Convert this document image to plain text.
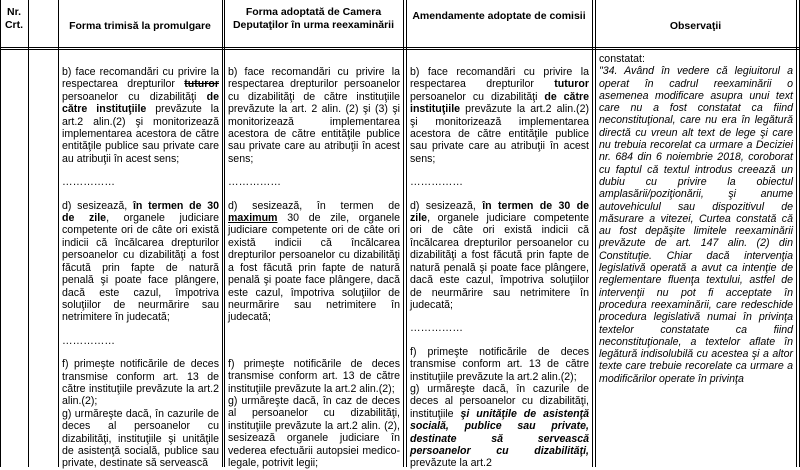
Nr.
Crt.	Forma trimisă la promulgare
Forma adoptată de Camera
Deputaţilor în urma reexaminării
Amendamente adoptate de comisii
Observaţii

b) face recomandări cu privire la respectarea drepturilor tuturor persoanelor cu dizabilităţi de către instituţiile prevăzute la art.2 alin.(2) şi monitorizează implementarea acestora de către entităţile publice sau private care au atribuţii în acest sens;

……………

d) sesizează, în termen de 30 de zile, organele judiciare competente ori de câte ori există indicii că încălcarea drepturilor persoanelor cu dizabilităţi a fost făcută prin fapte de natură penală şi poate face plângere, dacă este cazul, împotriva soluţiilor de neurmărire sau netrimitere în judecată;

……………

f) primeşte notificările de deces transmise conform art. 13 de către instituţiile prevăzute la art.2 alin.(2);

g) urmăreşte dacă, în cazurile de deces al persoanelor cu dizabilităţi, instituţiile şi unităţile de asistenţă socială, publice sau private, destinate să servească

b) face recomandări cu privire la respectarea drepturilor persoanelor cu dizabilităţi de către instituţiile prevăzute la art. 2 alin. (2) şi (3) şi monitorizează implementarea acestora de către entităţile publice sau private care au atribuţii în acest sens;

……………

d) sesizează, în termen de maximum 30 de zile, organele judiciare competente ori de câte ori există indicii că încălcarea drepturilor persoanelor cu dizabilităţi a fost făcută prin fapte de natură penală şi poate face plângere, dacă este cazul, împotriva soluţiilor de neurmărire sau netrimitere în judecată;

f) primeşte notificările de deces transmise conform art. 13 de către instituţiile prevăzute la art.2 alin.(2);

g) urmăreşte dacă, în caz de deces al persoanelor cu dizabilităţi, instituţiile prevăzute la art.2 alin. (2), sesizează organele judiciare în vederea efectuării autopsiei medico-legale, potrivit legii;

b) face recomandări cu privire la respectarea drepturilor tuturor persoanelor cu dizabilităţi de către instituţiile prevăzute la art.2 alin.(2) şi monitorizează implementarea acestora de către entităţile publice sau private care au atribuţii în acest sens;

……………

d) sesizează, în termen de 30 de zile, organele judiciare competente ori de câte ori există indicii că încălcarea drepturilor persoanelor cu dizabilităţi a fost făcută prin fapte de natură penală şi poate face plângere, dacă este cazul, împotriva soluţiilor de neurmărire sau netrimitere în judecată;

……………

f) primeşte notificările de deces transmise conform art. 13 de către instituţiile prevăzute la art.2 alin.(2);

g) urmăreşte dacă, în cazurile de deces al persoanelor cu dizabilităţi, instituţiile şi unităţile de asistenţă socială, publice sau private, destinate să servească persoanelor cu dizabilităţi, prevăzute la art.2

constatat:

"34. Având în vedere că legiuitorul a operat în cadrul reexaminării o asemenea modificare asupra unui text care nu a fost constatat ca fiind neconstituţional, care nu era în legătură directă cu vreun alt text de lege şi care nu trebuia recorelat ca urmare a Deciziei nr. 684 din 6 noiembrie 2018, coroborat cu faptul că textul introdus creează un dubiu cu privire la obiectul amplasării/poziţionării, şi anume autovehiculul sau dispozitivul de măsurare a vitezei, Curtea constată că au fost depăşite limitele reexaminării prevăzute de art. 147 alin. (2) din Constituţie. Chiar dacă intervenţia legislativă operată a avut ca intenţie de reglementare fluenţa textului, astfel de intervenţii nu pot fi acceptate în procedura reexaminării, care redeschide procedura legislativă numai în privinţa textelor constatate ca fiind neconstituţionale, a textelor aflate în legătură indisolubilă cu acestea şi a altor texte care trebuie recorelate ca urmare a modificărilor operate în privinţa
